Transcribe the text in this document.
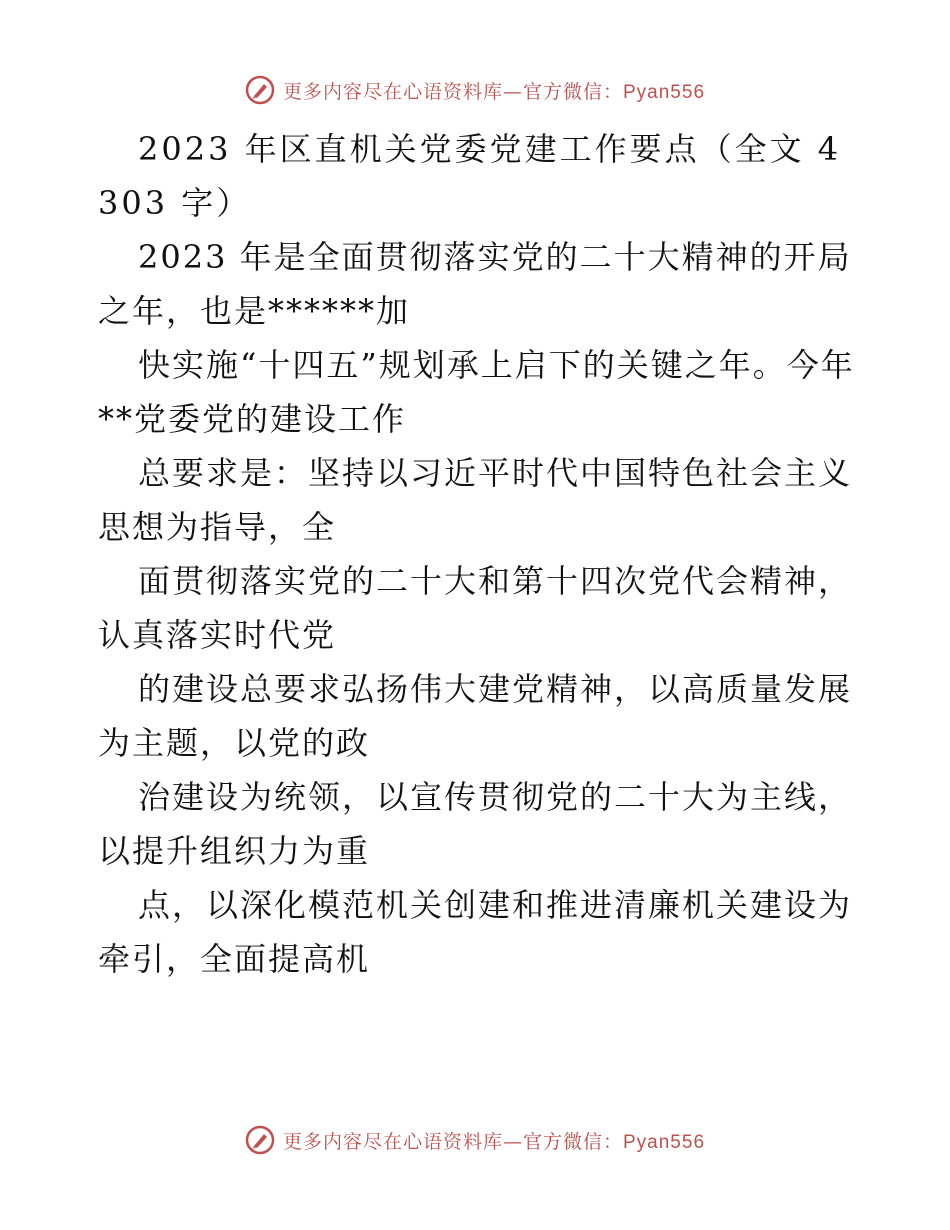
更多内容尽在心语资料库—官方微信：Pyan556

2023 年区直机关党委党建工作要点（全文 4303 字）

2023 年是全面贯彻落实党的二十大精神的开局之年，也是******加

快实施“十四五”规划承上启下的关键之年。今年**党委党的建设工作

总要求是：坚持以习近平时代中国特色社会主义思想为指导，全

面贯彻落实党的二十大和第十四次党代会精神，认真落实时代党

的建设总要求弘扬伟大建党精神，以高质量发展为主题，以党的政

治建设为统领，以宣传贯彻党的二十大为主线，以提升组织力为重

点，以深化模范机关创建和推进清廉机关建设为牵引，全面提高机

更多内容尽在心语资料库—官方微信：Pyan556
